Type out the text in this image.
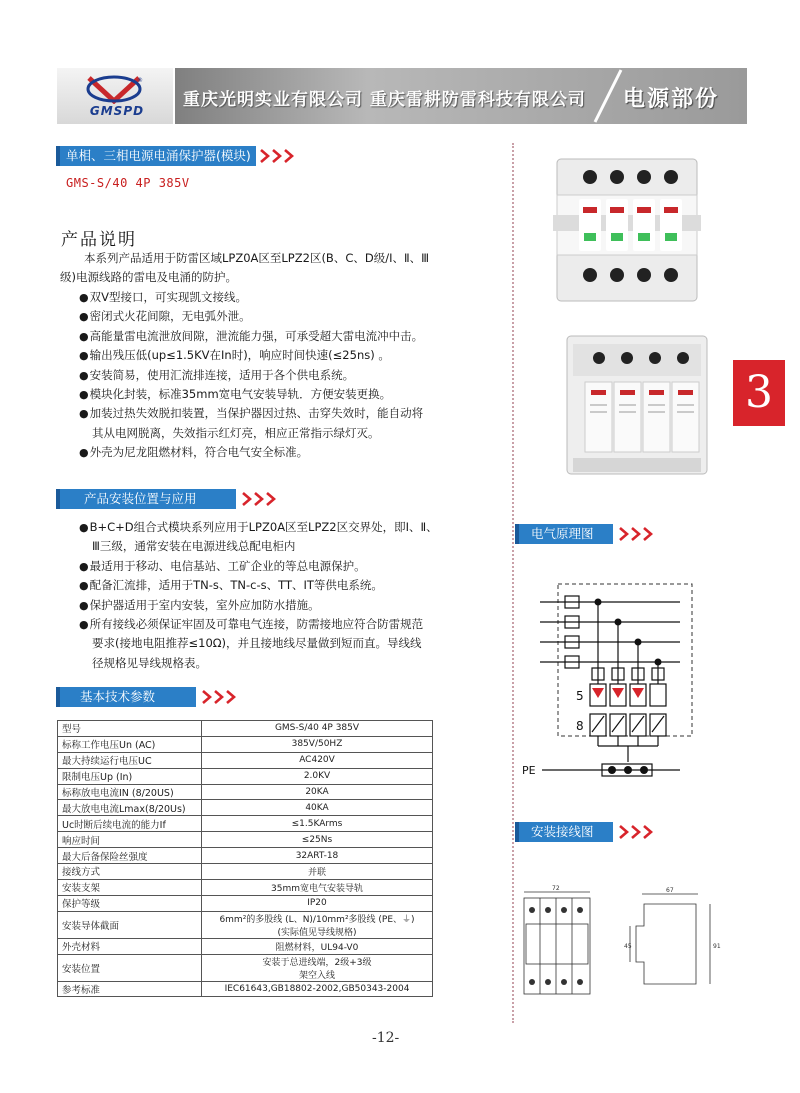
®
GMSPD
重庆光明实业有限公司 重庆雷耕防雷科技有限公司 电源部份
单相、三相电源电涌保护器(模块)
GMS-S/40 4P 385V
产品说明

本系列产品适用于防雷区域LPZ0A区至LPZ2区(B、C、D级/Ⅰ、Ⅱ、Ⅲ

级)电源线路的雷电及电涌的防护。

● 双V型接口，可实现凯文接线。

● 密闭式火花间隙，无电弧外泄。

● 高能量雷电流泄放间隙，泄流能力强，可承受超大雷电流冲中击。

● 输出残压低(up≤1.5KV在In时)，响应时间快速(≤25ns) 。

● 安装简易，使用汇流排连接，适用于各个供电系统。

● 模块化封装，标准35mm宽电气安装导轨．方便安装更换。

● 加装过热失效脱扣装置，当保护器因过热、击穿失效时，能自动将

其从电网脱离，失效指示红灯亮，相应正常指示绿灯灭。

● 外壳为尼龙阻燃材料，符合电气安全标准。

产品安装位置与应用

● B+C+D组合式模块系列应用于LPZ0A区至LPZ2区交界处，即Ⅰ、Ⅱ、

Ⅲ三级，通常安装在电源进线总配电柜内

● 最适用于移动、电信基站、工矿企业的等总电源保护。

● 配备汇流排，适用于TN-s、TN-c-s、TT、IT等供电系统。

● 保护器适用于室内安装，室外应加防水措施。

● 所有接线必须保证牢固及可靠电气连接，防需接地应符合防雷规范

要求(接地电阻推荐≤10Ω)，并且接地线尽量做到短而直。导线线

径规格见导线规格表。

基本技术参数
型号	GMS-S/40 4P 385V
标称工作电压Un (AC)	385V/50HZ
最大持续运行电压UC	AC420V
限制电压Up (In)	2.0KV
标称放电电流IN (8/20US)	20KA
最大放电电流Lmax(8/20Us)	40KA
Uc时断后续电流的能力If	≤1.5KArms
响应时间	≤25Ns
最大后备保险丝强度	32ART-18
接线方式	并联
安装支架	35mm宽电气安装导轨
保护等级	IP20
安装导体截面	6mm²的多股线 (L、N)/10mm²多股线 (PE、⏚)
(实际值见导线规格)

外壳材料	阻燃材料，UL94-V0
安装位置	安装于总进线端，2级+3级
架空入线

参考标准	IEC61643,GB18802-2002,GB50343-2004
-12-
3
电气原理图
5
8
PE
安装接线图
72	67
45	91
